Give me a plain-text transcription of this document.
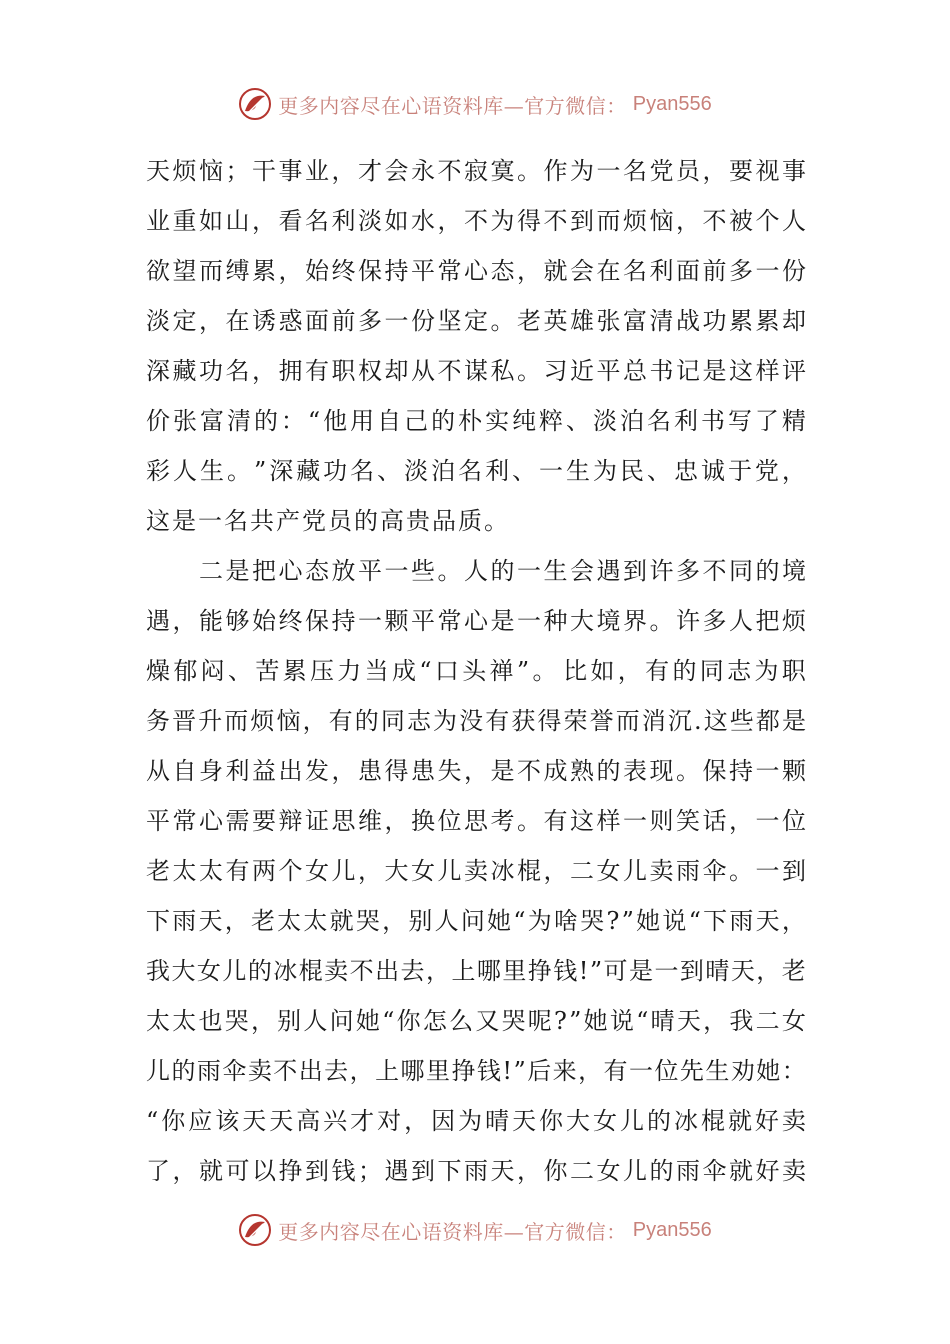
更多内容尽在心语资料库—官方微信： Pyan556
天 烦 恼 ； 干 事 业 ， 才 会 永 不 寂 寞 。 作 为 一 名 党 员 ， 要 视 事
业 重 如 山 ， 看 名 利 淡 如 水 ， 不 为 得 不 到 而 烦 恼 ， 不 被 个 人
欲 望 而 缚 累 ， 始 终 保 持 平 常 心 态 ， 就 会 在 名 利 面 前 多 一 份
淡 定 ， 在 诱 惑 面 前 多 一 份 坚 定 。 老 英 雄 张 富 清 战 功 累 累 却
深 藏 功 名 ， 拥 有 职 权 却 从 不 谋 私 。 习 近 平 总 书 记 是 这 样 评
价 张 富 清 的 ： “ 他 用 自 己 的 朴 实 纯 粹 、 淡 泊 名 利 书 写 了 精
彩 人 生 。 ” 深 藏 功 名 、 淡 泊 名 利 、 一 生 为 民 、 忠 诚 于 党 ，
这是一名共产党员的高贵品质。

二 是 把 心 态 放 平 一 些 。 人 的 一 生 会 遇 到 许 多 不 同 的 境
遇 ， 能 够 始 终 保 持 一 颗 平 常 心 是 一 种 大 境 界 。 许 多 人 把 烦
燥 郁 闷 、 苦 累 压 力 当 成 “ 口 头 禅 ” 。 比 如 ， 有 的 同 志 为 职
务 晋 升 而 烦 恼 ， 有 的 同 志 为 没 有 获 得 荣 誉 而 消 沉 . 这 些 都 是
从 自 身 利 益 出 发 ， 患 得 患 失 ， 是 不 成 熟 的 表 现 。 保 持 一 颗
平 常 心 需 要 辩 证 思 维 ， 换 位 思 考 。 有 这 样 一 则 笑 话 ， 一 位
老 太 太 有 两 个 女 儿 ， 大 女 儿 卖 冰 棍 ， 二 女 儿 卖 雨 伞 。 一 到
下 雨 天 ， 老 太 太 就 哭 ， 别 人 问 她 “ 为 啥 哭 ? ” 她 说 “ 下 雨 天 ，
我 大 女 儿 的 冰 棍 卖 不 出 去 ， 上 哪 里 挣 钱 ! ” 可 是 一 到 晴 天 ， 老
太 太 也 哭 ， 别 人 问 她 “ 你 怎 么 又 哭 呢 ? ” 她 说 “ 晴 天 ， 我 二 女
儿 的 雨 伞 卖 不 出 去 ， 上 哪 里 挣 钱 ! ” 后 来 ， 有 一 位 先 生 劝 她 ：
“ 你 应 该 天 天 高 兴 才 对 ， 因 为 晴 天 你 大 女 儿 的 冰 棍 就 好 卖
了 ， 就 可 以 挣 到 钱 ； 遇 到 下 雨 天 ， 你 二 女 儿 的 雨 伞 就 好 卖
更多内容尽在心语资料库—官方微信： Pyan556
